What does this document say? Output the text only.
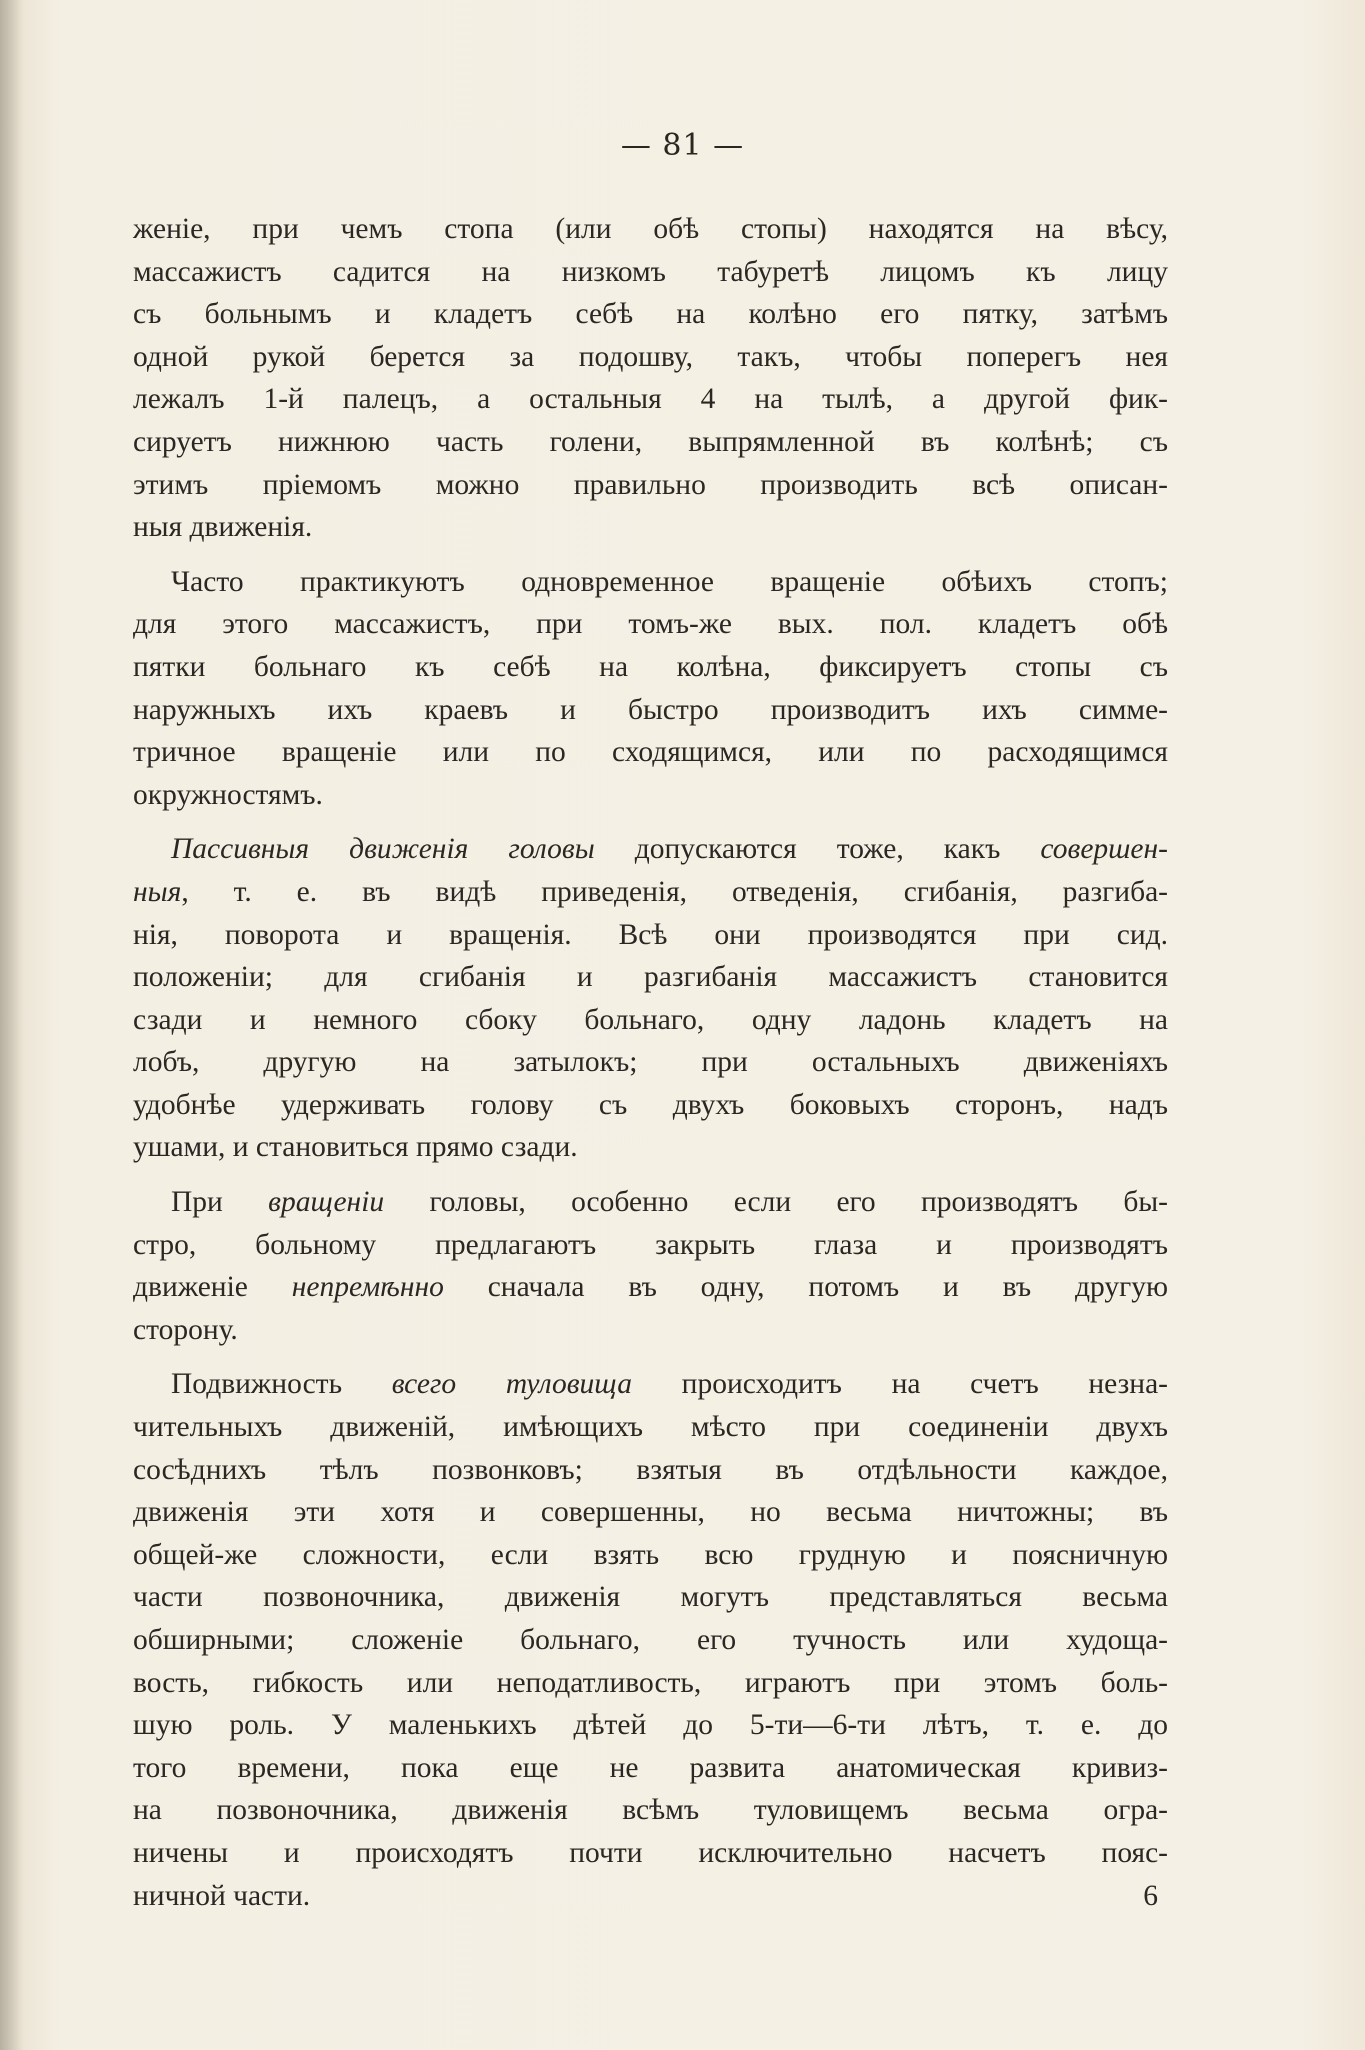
— 81 —
женіе, при чемъ стопа (или обѣ стопы) находятся на вѣсу,
массажистъ садится на низкомъ табуретѣ лицомъ къ лицу
съ больнымъ и кладетъ себѣ на колѣно его пятку, затѣмъ
одной рукой берется за подошву, такъ, чтобы поперегъ нея
лежалъ 1-й палецъ, а остальныя 4 на тылѣ, а другой фик-
сируетъ нижнюю часть голени, выпрямленной въ колѣнѣ; съ
этимъ пріемомъ можно правильно производить всѣ описан-
ныя движенія.
Часто практикуютъ одновременное вращеніе обѣихъ стопъ;
для этого массажистъ, при томъ-же вых. пол. кладетъ обѣ
пятки больнаго къ себѣ на колѣна, фиксируетъ стопы съ
наружныхъ ихъ краевъ и быстро производитъ ихъ симме-
тричное вращеніе или по сходящимся, или по расходящимся
окружностямъ.
Пассивныя движенія головы допускаются тоже, какъ совершен-
ныя, т. е. въ видѣ приведенія, отведенія, сгибанія, разгиба-
нія, поворота и вращенія. Всѣ они производятся при сид.
положеніи; для сгибанія и разгибанія массажистъ становится
сзади и немного сбоку больнаго, одну ладонь кладетъ на
лобъ, другую на затылокъ; при остальныхъ движеніяхъ
удобнѣе удерживать голову съ двухъ боковыхъ сторонъ, надъ
ушами, и становиться прямо сзади.
При вращеніи головы, особенно если его производятъ бы-
стро, больному предлагаютъ закрыть глаза и производятъ
движеніе непремѣнно сначала въ одну, потомъ и въ другую
сторону.
Подвижность всего туловища происходитъ на счетъ незна-
чительныхъ движеній, имѣющихъ мѣсто при соединеніи двухъ
сосѣднихъ тѣлъ позвонковъ; взятыя въ отдѣльности каждое,
движенія эти хотя и совершенны, но весьма ничтожны; въ
общей-же сложности, если взять всю грудную и поясничную
части позвоночника, движенія могутъ представляться весьма
обширными; сложеніе больнаго, его тучность или худоща-
вость, гибкость или неподатливость, играютъ при этомъ боль-
шую роль. У маленькихъ дѣтей до 5-ти—6-ти лѣтъ, т. е. до
того времени, пока еще не развита анатомическая кривиз-
на позвоночника, движенія всѣмъ туловищемъ весьма огра-
ничены и происходятъ почти исключительно насчетъ пояс-
ничной части.	6
